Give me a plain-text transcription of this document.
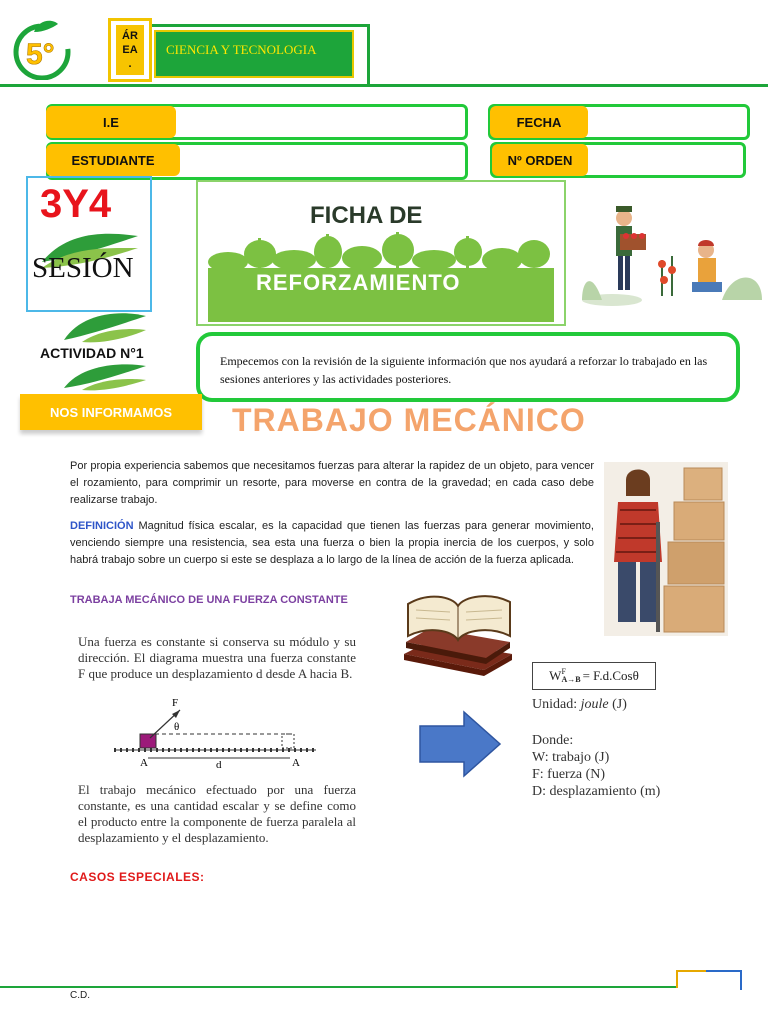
5°
ÁR
EA
.
CIENCIA Y TECNOLOGIA
I.E	FECHA
ESTUDIANTE	Nº ORDEN
3Y4
SESIÓN
FICHA DE
REFORZAMIENTO
Empecemos con la revisión de la siguiente información que nos ayudará a reforzar lo trabajado en las sesiones anteriores y las actividades posteriores.
ACTIVIDAD N°1
NOS INFORMAMOS	TRABAJO MECÁNICO
Por propia experiencia sabemos que necesitamos fuerzas para alterar la rapidez de un objeto, para vencer el rozamiento, para comprimir un resorte, para moverse en contra de la gravedad; en cada caso debe realizarse trabajo.
DEFINICIÓN Magnitud física escalar, es la capacidad que tienen las fuerzas para generar movimiento, venciendo siempre una resistencia, sea esta una fuerza o bien la propia inercia de los cuerpos, y solo habrá trabajo sobre un cuerpo si este se desplaza a lo largo de la línea de acción de la fuerza aplicada.
TRABAJA MECÁNICO DE UNA FUERZA CONSTANTE
Una fuerza es constante si conserva su módulo y su dirección. El diagrama muestra una fuerza constante F que produce un desplazamiento d desde A hacia B.
F
θ
A	d	A
El trabajo mecánico efectuado por una fuerza constante, es una cantidad escalar y se define como el producto entre la componente de fuerza paralela al desplazamiento y el desplazamiento.
W F
A→B = F.d.Cosθ
Unidad: joule (J)
Donde:
W: trabajo (J)
F: fuerza (N)
D: desplazamiento (m)
CASOS ESPECIALES:
C.D.
